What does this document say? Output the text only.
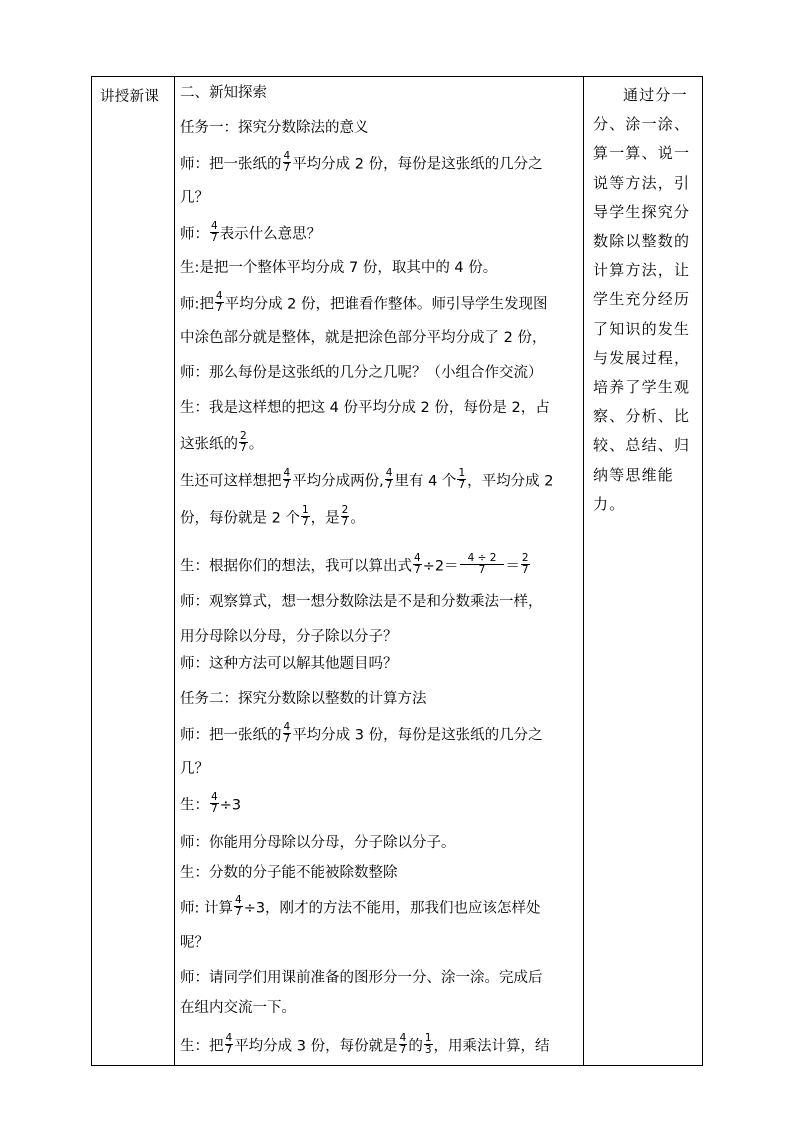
讲授新课	二、新知探索
任务一：探究分数除法的意义
师：把一张纸的 $\frac{4}{7}$ 平均分成 2 份，每份是这张纸的几分之
几？
师： $\frac{4}{7}$ 表示什么意思？
生:是把一个整体平均分成 7 份，取其中的 4 份。
师:把 $\frac{4}{7}$ 平均分成 2 份，把谁看作整体。师引导学生发现图
中涂色部分就是整体，就是把涂色部分平均分成了 2 份，
师：那么每份是这张纸的几分之几呢？（小组合作交流）
生：我是这样想的把这 4 份平均分成 2 份，每份是 2，占
这张纸的 $\frac{2}{7}$ 。
生还可这样想把 $\frac{4}{7}$ 平均分成两份, $\frac{4}{7}$ 里有 4 个 $\frac{1}{7}$ ，平均分成 2
份，每份就是 2 个 $\frac{1}{7}$ ，是 $\frac{2}{7}$ 。
生：根据你们的想法，我可以算出式 $\frac{4}{7} \div 2= \frac{4 \div 2}{7} = \frac{2}{7}$
师：观察算式，想一想分数除法是不是和分数乘法一样，
用分母除以分母，分子除以分子？
师：这种方法可以解其他题目吗？
任务二：探究分数除以整数的计算方法
师：把一张纸的 $\frac{4}{7}$ 平均分成 3 份，每份是这张纸的几分之
几？
生： $\frac{4}{7} \div 3$
师：你能用分母除以分母，分子除以分子。
生：分数的分子能不能被除数整除
师: 计算 $\frac{4}{7} \div 3$，刚才的方法不能用，那我们也应该怎样处
呢？
师：请同学们用课前准备的图形分一分、涂一涂。完成后
在组内交流一下。
生：把 $\frac{4}{7}$ 平均分成 3 份，每份就是 $\frac{4}{7}$ 的 $\frac{1}{3}$ ，用乘法计算，结
通过分一分、涂一涂、算一算、说一说等方法，引导学生探究分数除以整数的计算方法，让学生充分经历了知识的发生与发展过程，培养了学生观察、分析、比较、总结、归纳等思维能力。
